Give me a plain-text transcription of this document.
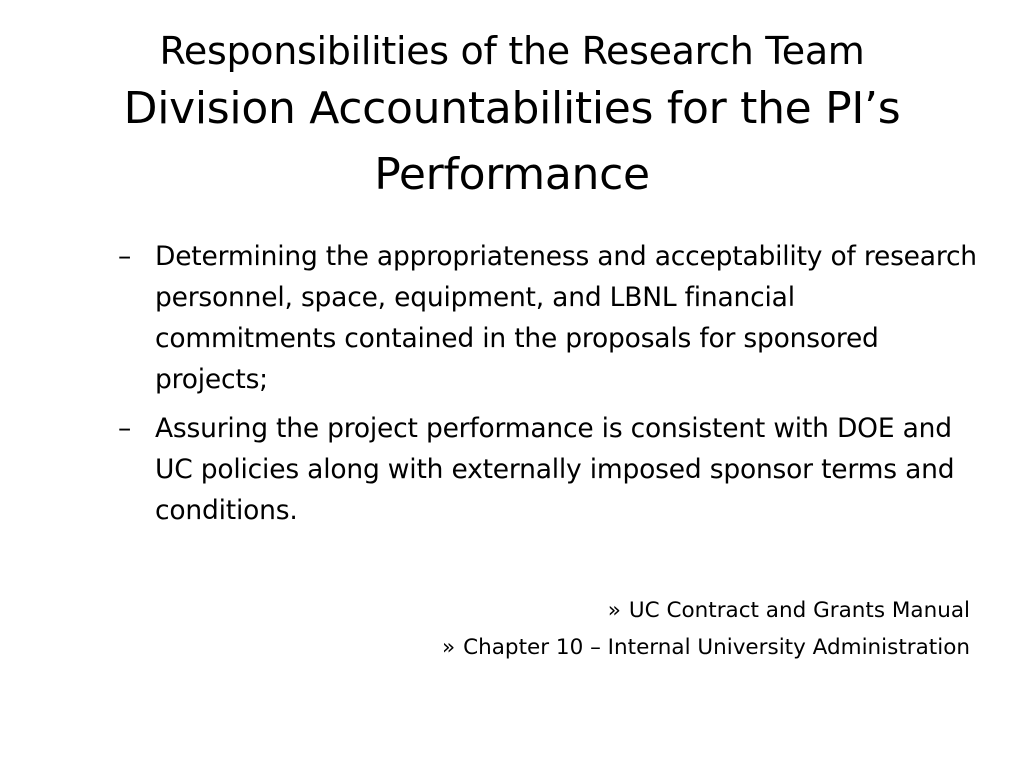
Responsibilities of the Research Team
Division Accountabilities for the PI’s Performance
– Determining the appropriateness and acceptability of research personnel, space, equipment, and LBNL financial commitments contained in the proposals for sponsored projects;
– Assuring the project performance is consistent with DOE and UC policies along with externally imposed sponsor terms and conditions.
» UC Contract and Grants Manual
» Chapter 10 – Internal University Administration
